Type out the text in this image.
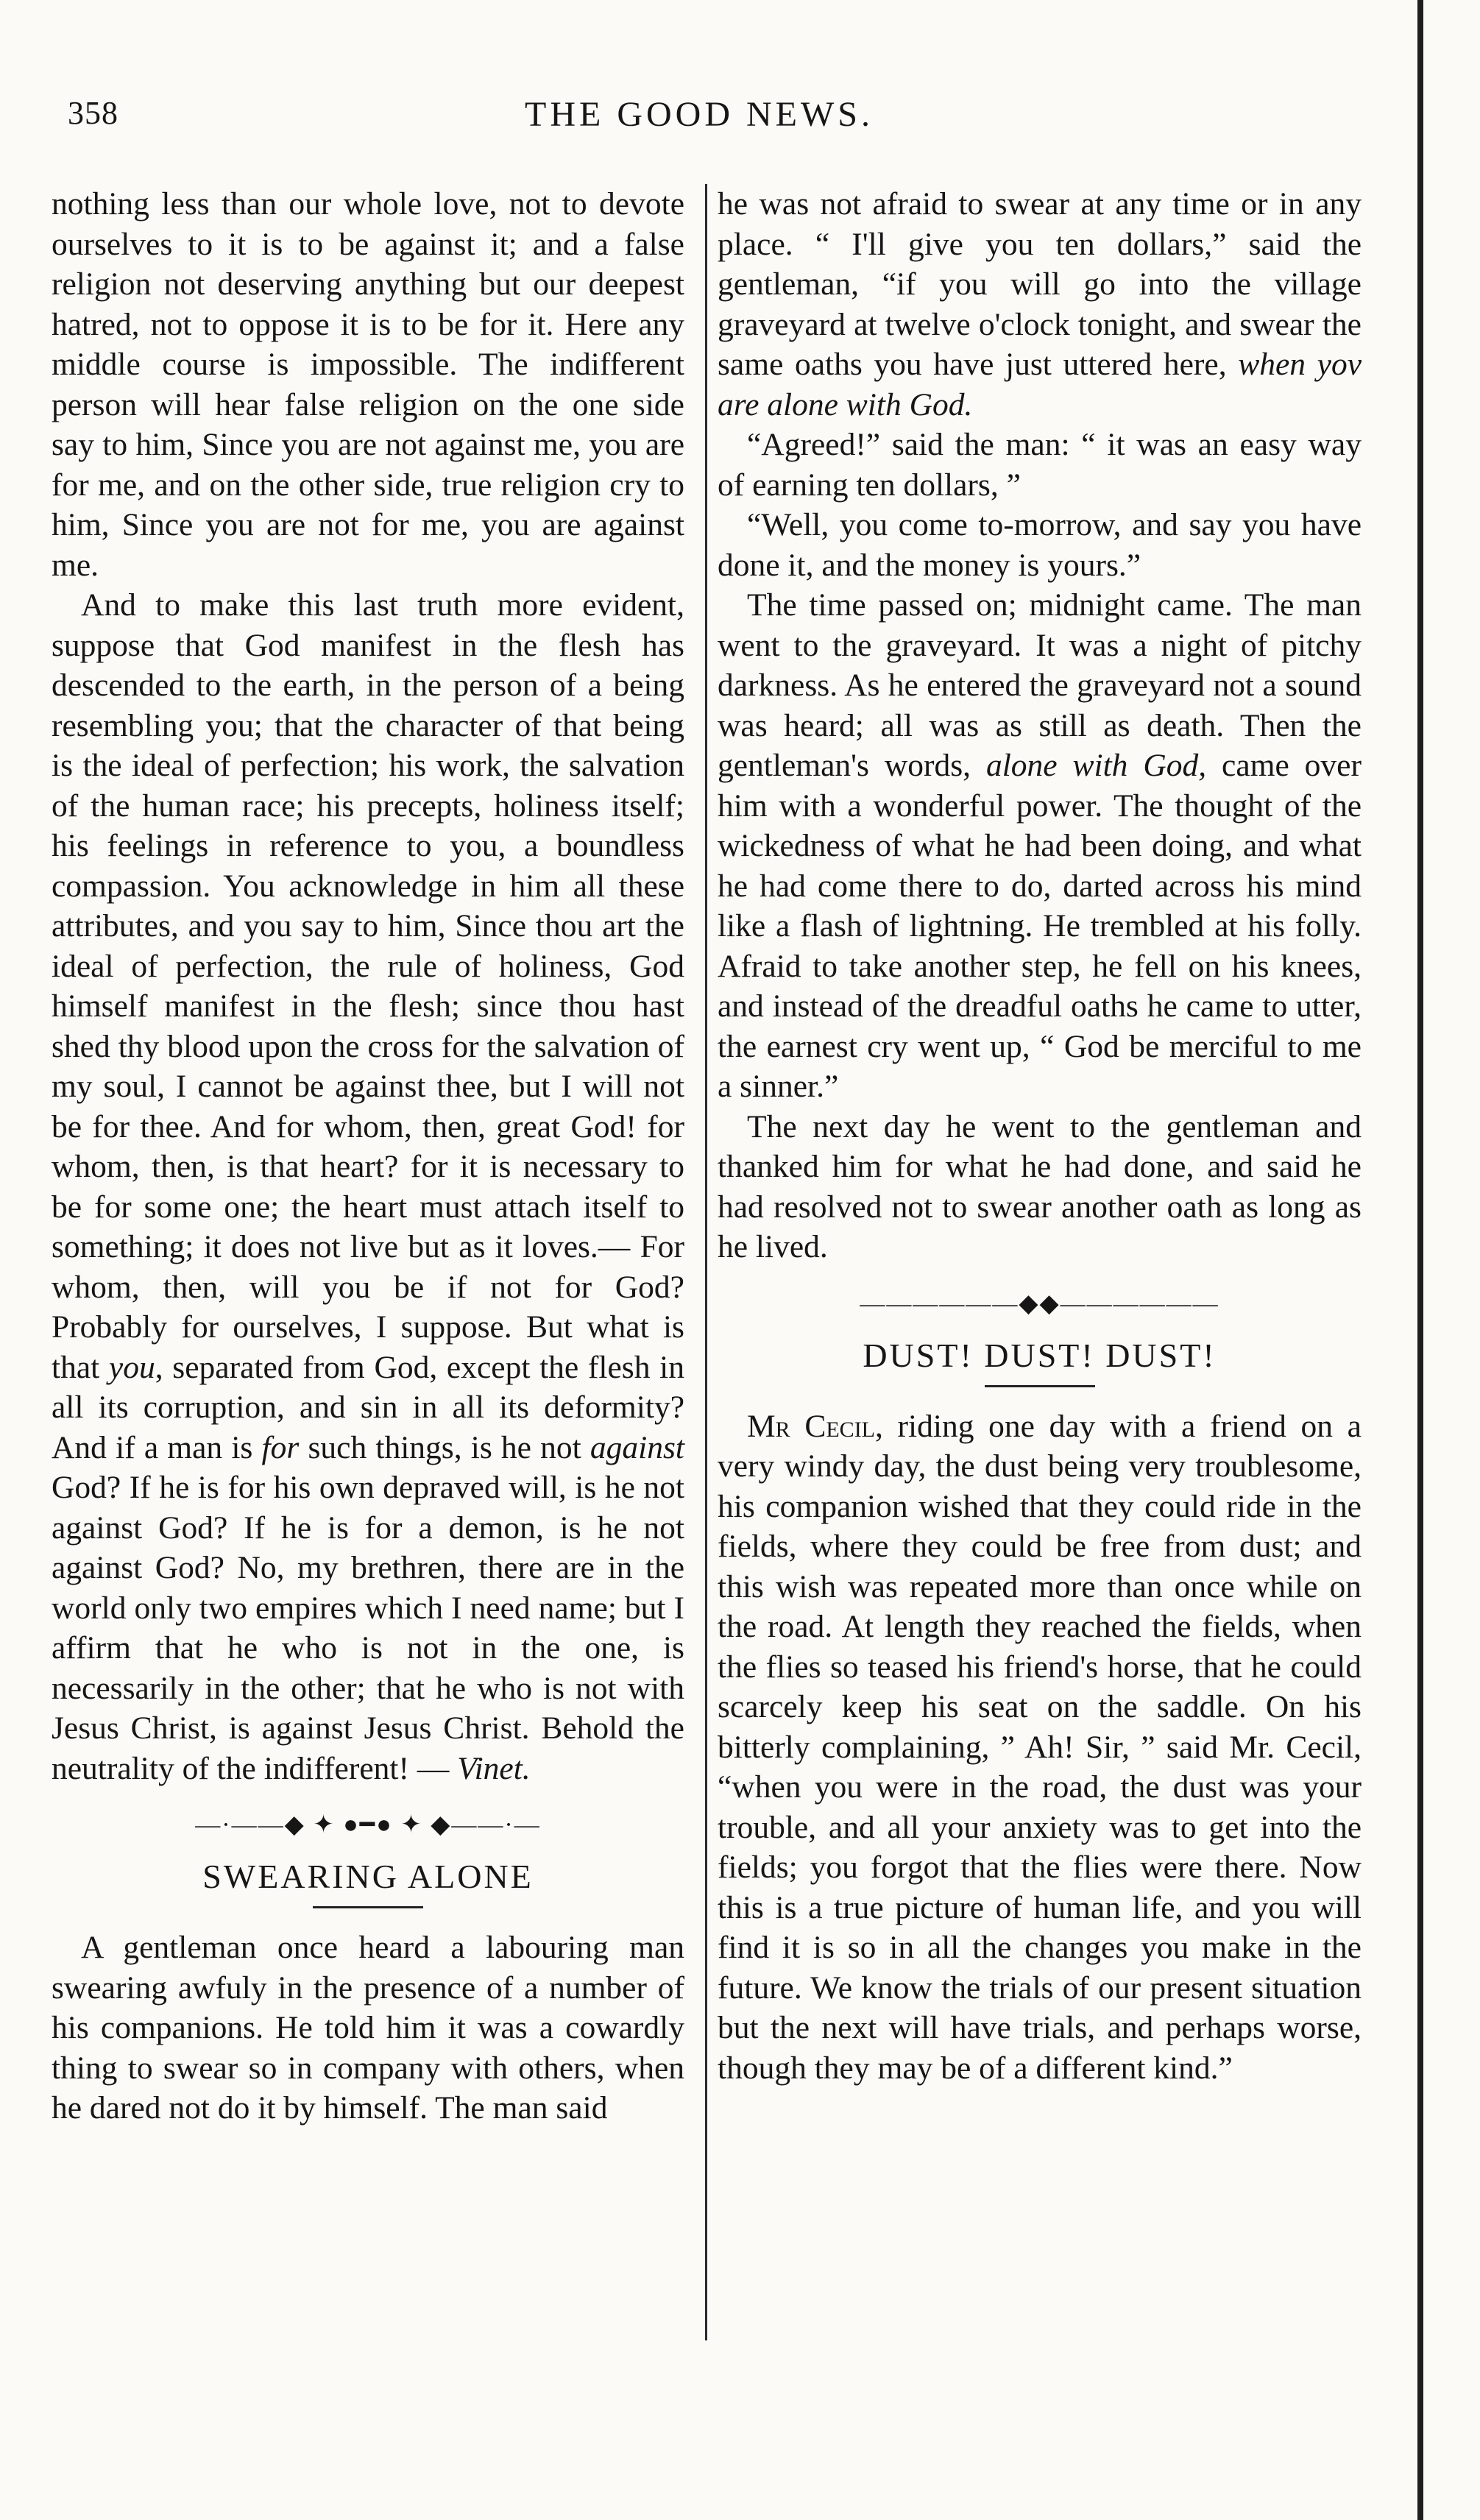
358	THE GOOD NEWS.

nothing less than our whole love, not to devote ourselves to it is to be against it; and a false religion not deserving anything but our deepest hatred, not to oppose it is to be for it. Here any middle course is impossible. The indifferent person will hear false religion on the one side say to him, Since you are not against me, you are for me, and on the other side, true religion cry to him, Since you are not for me, you are against me.

And to make this last truth more evident, suppose that God manifest in the flesh has descended to the earth, in the person of a being resembling you; that the character of that being is the ideal of perfection; his work, the salvation of the human race; his precepts, holiness itself; his feelings in reference to you, a boundless compassion. You acknowledge in him all these attributes, and you say to him, Since thou art the ideal of perfection, the rule of holiness, God himself manifest in the flesh; since thou hast shed thy blood upon the cross for the salvation of my soul, I cannot be against thee, but I will not be for thee. And for whom, then, great God! for whom, then, is that heart? for it is necessary to be for some one; the heart must attach itself to something; it does not live but as it loves.— For whom, then, will you be if not for God? Probably for ourselves, I suppose. But what is that you, separated from God, except the flesh in all its corruption, and sin in all its deformity? And if a man is for such things, is he not against God? If he is for his own depraved will, is he not against God? If he is for a demon, is he not against God? No, my brethren, there are in the world only two empires which I need name; but I affirm that he who is not in the one, is necessarily in the other; that he who is not with Jesus Christ, is against Jesus Christ. Behold the neutrality of the indifferent! — Vinet.

—·——◆ ✦ ●━● ✦ ◆——·—
SWEARING ALONE

A gentleman once heard a labouring man swearing awfuly in the presence of a number of his companions. He told him it was a cowardly thing to swear so in company with others, when he dared not do it by himself. The man said

he was not afraid to swear at any time or in any place. “ I'll give you ten dollars,” said the gentleman, “if you will go into the village graveyard at twelve o'clock tonight, and swear the same oaths you have just uttered here, when yov are alone with God.

“Agreed!” said the man: “ it was an easy way of earning ten dollars, ”

“Well, you come to-morrow, and say you have done it, and the money is yours.”

The time passed on; midnight came. The man went to the graveyard. It was a night of pitchy darkness. As he entered the graveyard not a sound was heard; all was as still as death. Then the gentleman's words, alone with God, came over him with a wonderful power. The thought of the wickedness of what he had been doing, and what he had come there to do, darted across his mind like a flash of lightning. He trembled at his folly. Afraid to take another step, he fell on his knees, and instead of the dreadful oaths he came to utter, the earnest cry went up, “ God be merciful to me a sinner.”

The next day he went to the gentleman and thanked him for what he had done, and said he had resolved not to swear another oath as long as he lived.

——————◆◆——————
DUST! DUST! DUST!

Mr Cecil, riding one day with a friend on a very windy day, the dust being very troublesome, his companion wished that they could ride in the fields, where they could be free from dust; and this wish was repeated more than once while on the road. At length they reached the fields, when the flies so teased his friend's horse, that he could scarcely keep his seat on the saddle. On his bitterly complaining, ” Ah! Sir, ” said Mr. Cecil, “when you were in the road, the dust was your trouble, and all your anxiety was to get into the fields; you forgot that the flies were there. Now this is a true picture of human life, and you will find it is so in all the changes you make in the future. We know the trials of our present situation but the next will have trials, and perhaps worse, though they may be of a different kind.”
